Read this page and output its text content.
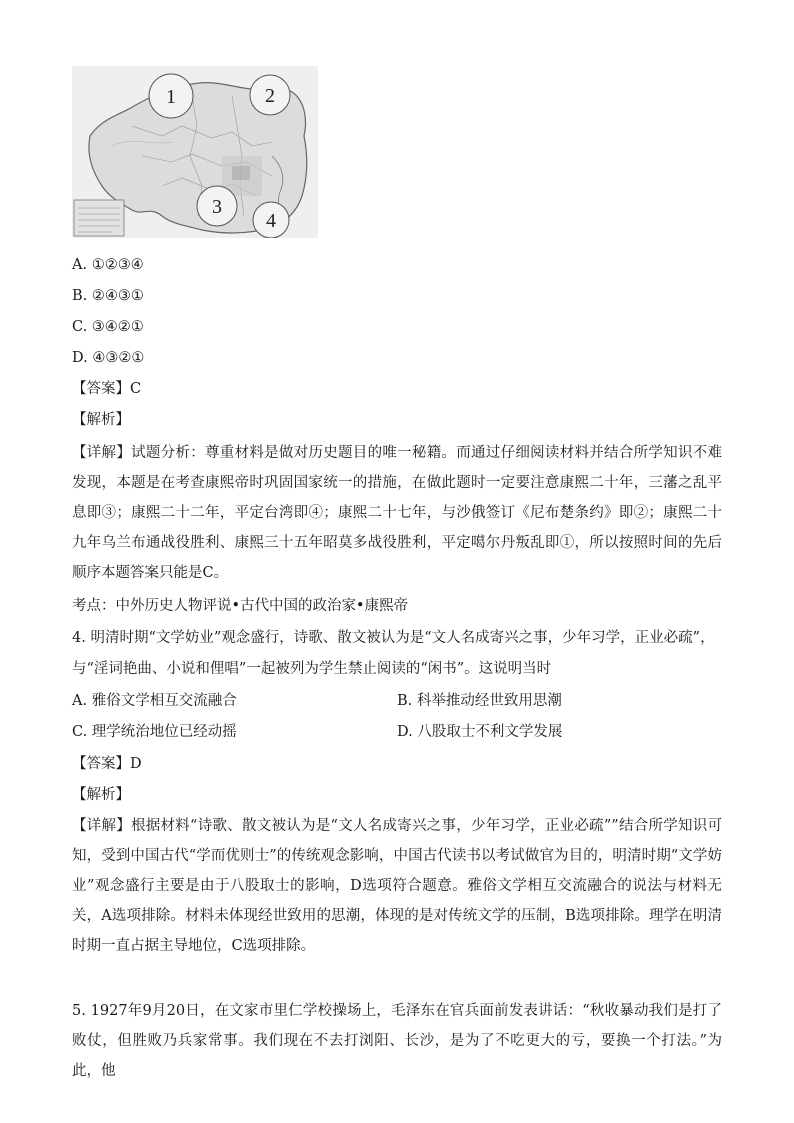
1	2
3
4
A. ①②③④
B. ②④③①
C. ③④②①
D. ④③②①
【答案】C
【解析】

【详解】试题分析：尊重材料是做对历史题目的唯一秘籍。而通过仔细阅读材料并结合所学知识不难发现，本题是在考查康熙帝时巩固国家统一的措施，在做此题时一定要注意康熙二十年，三藩之乱平息即③；康熙二十二年，平定台湾即④；康熙二十七年，与沙俄签订《尼布楚条约》即②；康熙二十九年乌兰布通战役胜利、康熙三十五年昭莫多战役胜利，平定噶尔丹叛乱即①，所以按照时间的先后顺序本题答案只能是C。

考点：中外历史人物评说•古代中国的政治家•康熙帝
4. 明清时期“文学妨业”观念盛行，诗歌、散文被认为是“文人名成寄兴之事，少年习学，正业必疏”，
与“淫词艳曲、小说和俚唱”一起被列为学生禁止阅读的“闲书”。这说明当时
A. 雅俗文学相互交流融合	B. 科举推动经世致用思潮
C. 理学统治地位已经动摇	D. 八股取士不利文学发展
【答案】D
【解析】

【详解】根据材料“诗歌、散文被认为是“文人名成寄兴之事，少年习学，正业必疏””结合所学知识可知，受到中国古代“学而优则士”的传统观念影响，中国古代读书以考试做官为目的，明清时期“文学妨业”观念盛行主要是由于八股取士的影响，D选项符合题意。雅俗文学相互交流融合的说法与材料无关，A选项排除。材料未体现经世致用的思潮，体现的是对传统文学的压制，B选项排除。理学在明清时期一直占据主导地位，C选项排除。

5. 1927年9月20日，在文家市里仁学校操场上，毛泽东在官兵面前发表讲话：“秋收暴动我们是打了败仗，但胜败乃兵家常事。我们现在不去打浏阳、长沙，是为了不吃更大的亏，要换一个打法。”为此，他
